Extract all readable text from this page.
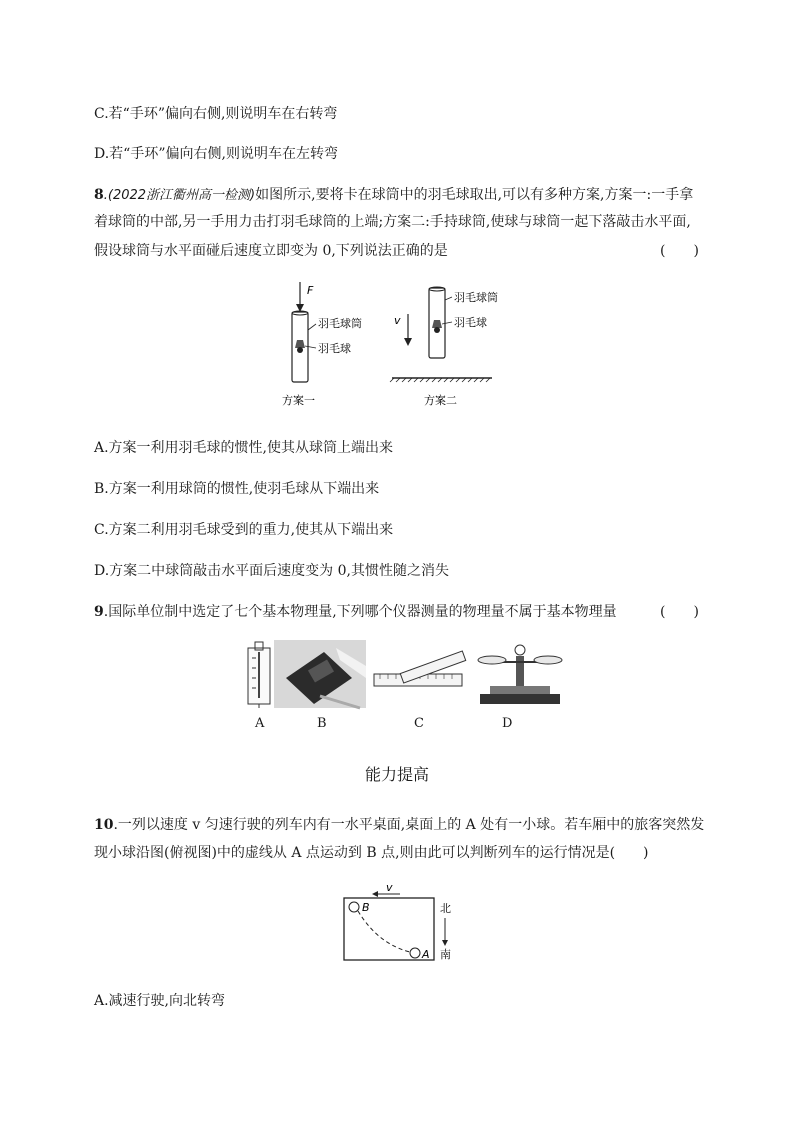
C.若“手环”偏向右侧,则说明车在右转弯
D.若“手环”偏向右侧,则说明车在左转弯
8.(2022浙江衢州高一检测)如图所示,要将卡在球筒中的羽毛球取出,可以有多种方案,方案一:一手拿
着球筒的中部,另一手用力击打羽毛球筒的上端;方案二:手持球筒,使球与球筒一起下落敲击水平面,
假设球筒与水平面碰后速度立即变为 0,下列说法正确的是	(　　)
F
羽毛球筒
羽毛球
方案一
v
羽毛球筒
羽毛球
方案二
A.方案一利用羽毛球的惯性,使其从球筒上端出来
B.方案一利用球筒的惯性,使羽毛球从下端出来
C.方案二利用羽毛球受到的重力,使其从下端出来
D.方案二中球筒敲击水平面后速度变为 0,其惯性随之消失
9.国际单位制中选定了七个基本物理量,下列哪个仪器测量的物理量不属于基本物理量	(　　)
A	B	C	D
能力提高
10.一列以速度 v 匀速行驶的列车内有一水平桌面,桌面上的 A 处有一小球。若车厢中的旅客突然发
现小球沿图(俯视图)中的虚线从 A 点运动到 B 点,则由此可以判断列车的运行情况是(　　)
v
B
A
北
南
A.减速行驶,向北转弯
